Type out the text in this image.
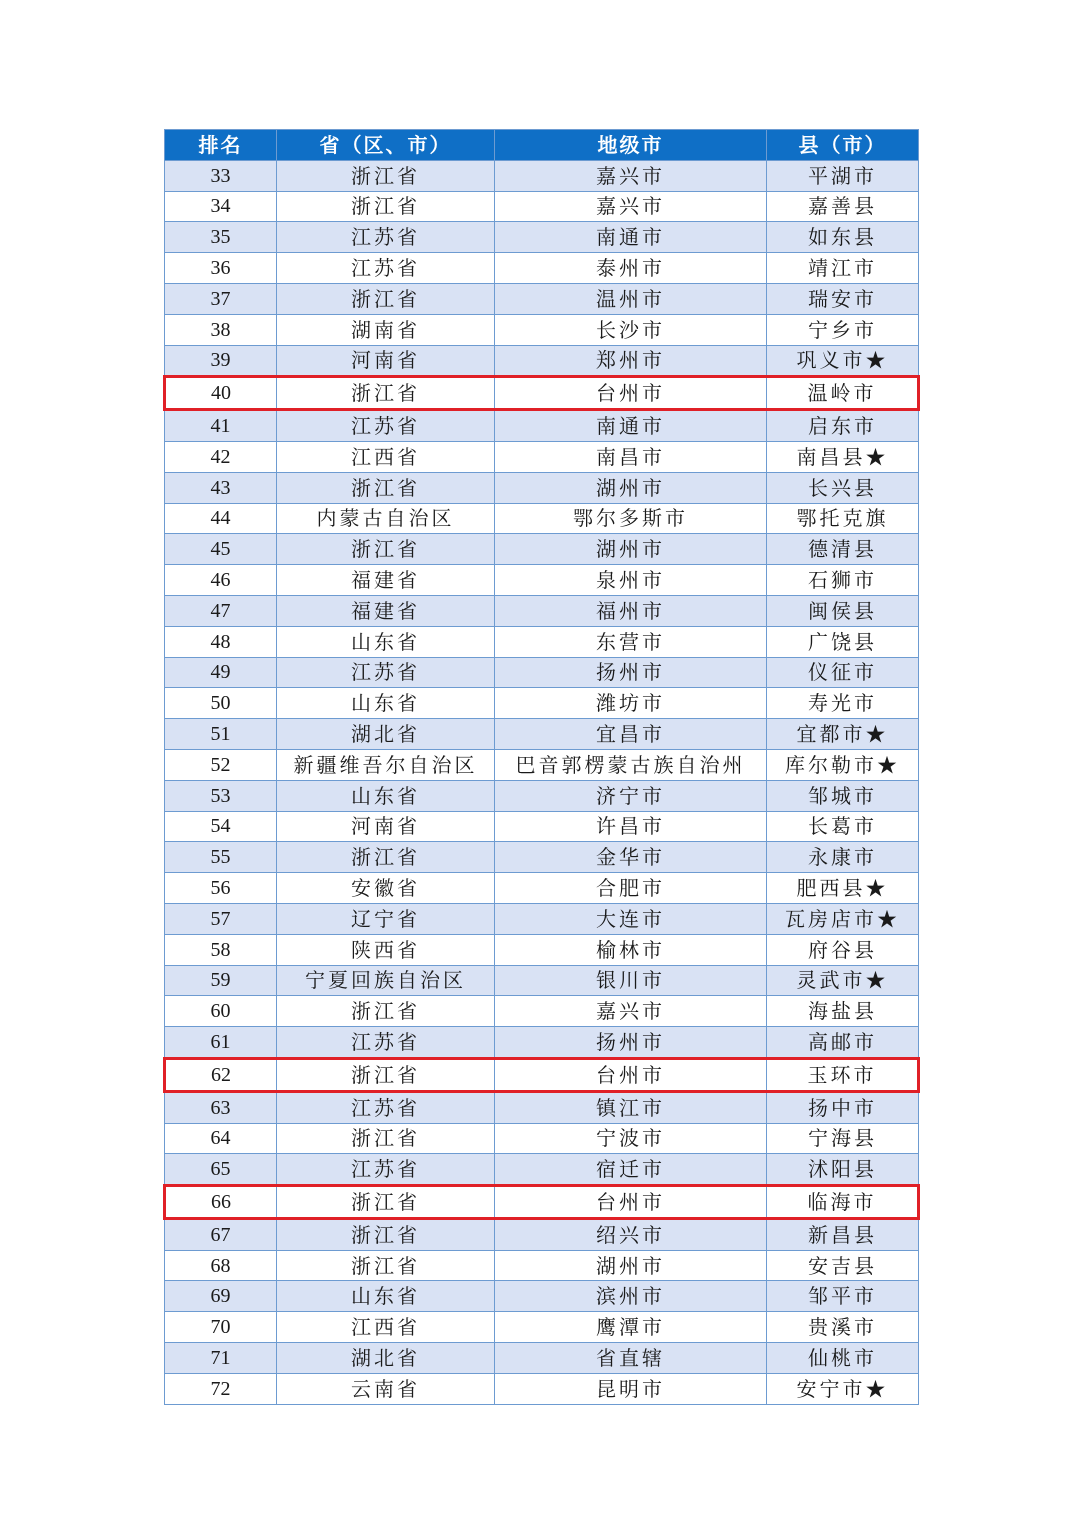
排名	省（区、市）	地级市	县（市）
33	浙江省	嘉兴市	平湖市
34	浙江省	嘉兴市	嘉善县
35	江苏省	南通市	如东县
36	江苏省	泰州市	靖江市
37	浙江省	温州市	瑞安市
38	湖南省	长沙市	宁乡市
39	河南省	郑州市	巩义市★
40	浙江省	台州市	温岭市
41	江苏省	南通市	启东市
42	江西省	南昌市	南昌县★
43	浙江省	湖州市	长兴县
44	内蒙古自治区	鄂尔多斯市	鄂托克旗
45	浙江省	湖州市	德清县
46	福建省	泉州市	石狮市
47	福建省	福州市	闽侯县
48	山东省	东营市	广饶县
49	江苏省	扬州市	仪征市
50	山东省	潍坊市	寿光市
51	湖北省	宜昌市	宜都市★
52	新疆维吾尔自治区	巴音郭楞蒙古族自治州	库尔勒市★
53	山东省	济宁市	邹城市
54	河南省	许昌市	长葛市
55	浙江省	金华市	永康市
56	安徽省	合肥市	肥西县★
57	辽宁省	大连市	瓦房店市★
58	陕西省	榆林市	府谷县
59	宁夏回族自治区	银川市	灵武市★
60	浙江省	嘉兴市	海盐县
61	江苏省	扬州市	高邮市
62	浙江省	台州市	玉环市
63	江苏省	镇江市	扬中市
64	浙江省	宁波市	宁海县
65	江苏省	宿迁市	沭阳县
66	浙江省	台州市	临海市
67	浙江省	绍兴市	新昌县
68	浙江省	湖州市	安吉县
69	山东省	滨州市	邹平市
70	江西省	鹰潭市	贵溪市
71	湖北省	省直辖	仙桃市
72	云南省	昆明市	安宁市★
